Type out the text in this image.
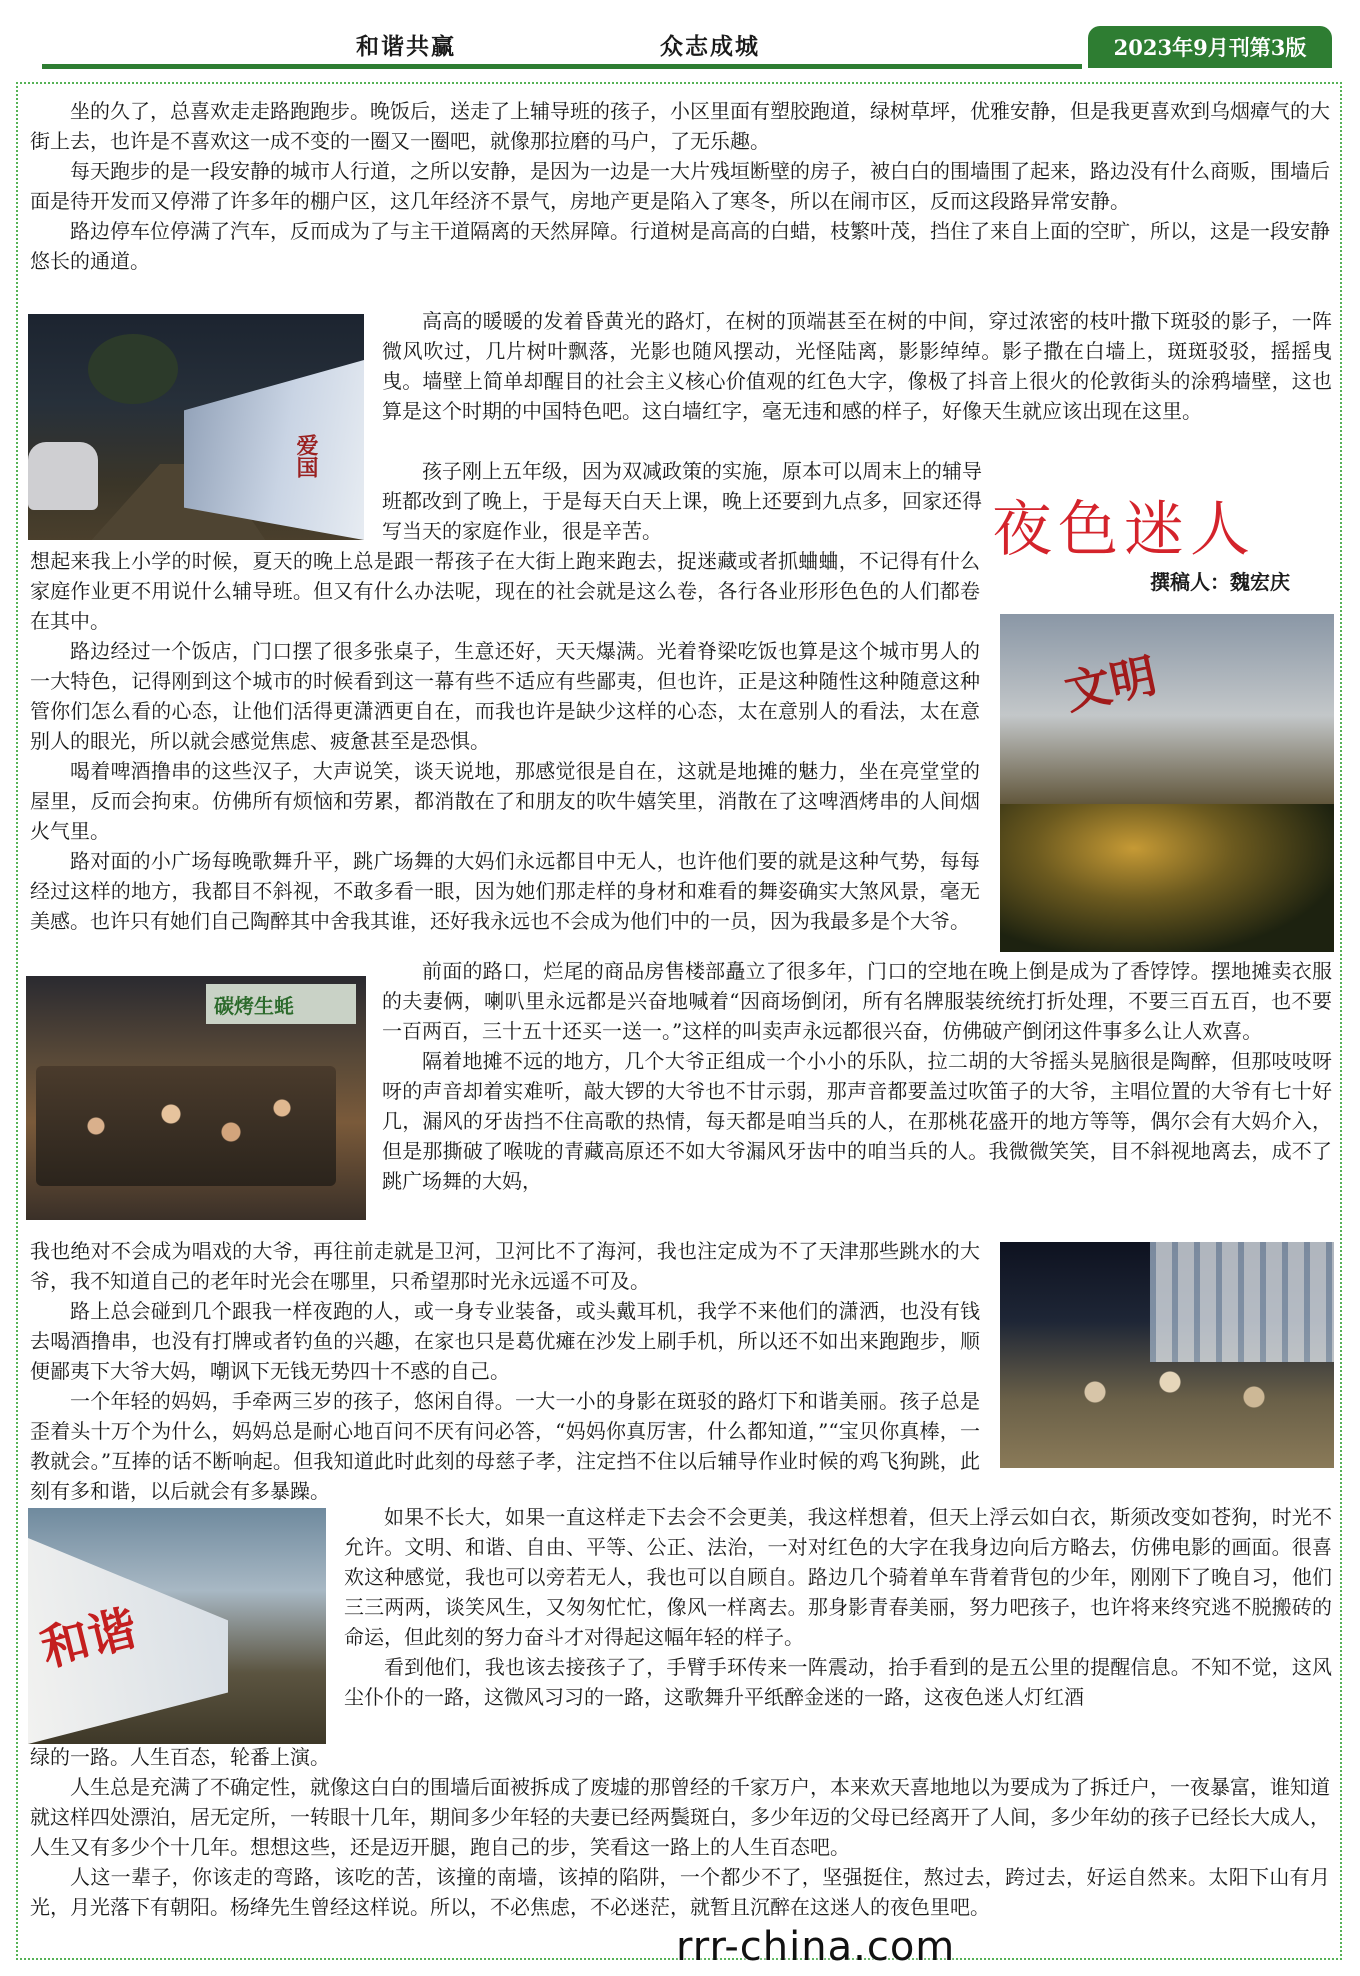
和谐共赢	众志成城	2023年9月刊第3版

坐的久了，总喜欢走走路跑跑步。晚饭后，送走了上辅导班的孩子，小区里面有塑胶跑道，绿树草坪，优雅安静，但是我更喜欢到乌烟瘴气的大街上去，也许是不喜欢这一成不变的一圈又一圈吧，就像那拉磨的马户，了无乐趣。

每天跑步的是一段安静的城市人行道，之所以安静，是因为一边是一大片残垣断壁的房子，被白白的围墙围了起来，路边没有什么商贩，围墙后面是待开发而又停滞了许多年的棚户区，这几年经济不景气，房地产更是陷入了寒冬，所以在闹市区，反而这段路异常安静。

路边停车位停满了汽车，反而成为了与主干道隔离的天然屏障。行道树是高高的白蜡，枝繁叶茂，挡住了来自上面的空旷，所以，这是一段安静悠长的通道。

爱国

高高的暖暖的发着昏黄光的路灯，在树的顶端甚至在树的中间，穿过浓密的枝叶撒下斑驳的影子，一阵微风吹过，几片树叶飘落，光影也随风摆动，光怪陆离，影影绰绰。影子撒在白墙上，斑斑驳驳，摇摇曳曳。墙壁上简单却醒目的社会主义核心价值观的红色大字，像极了抖音上很火的伦敦街头的涂鸦墙壁，这也算是这个时期的中国特色吧。这白墙红字，毫无违和感的样子，好像天生就应该出现在这里。

孩子刚上五年级，因为双减政策的实施，原本可以周末上的辅导班都改到了晚上，于是每天白天上课，晚上还要到九点多，回家还得写当天的家庭作业，很是辛苦。	夜色迷人
撰稿人：魏宏庆

想起来我上小学的时候，夏天的晚上总是跟一帮孩子在大街上跑来跑去，捉迷藏或者抓蛐蛐，不记得有什么家庭作业更不用说什么辅导班。但又有什么办法呢，现在的社会就是这么卷，各行各业形形色色的人们都卷在其中。

路边经过一个饭店，门口摆了很多张桌子，生意还好，天天爆满。光着脊梁吃饭也算是这个城市男人的一大特色，记得刚到这个城市的时候看到这一幕有些不适应有些鄙夷，但也许，正是这种随性这种随意这种管你们怎么看的心态，让他们活得更潇洒更自在，而我也许是缺少这样的心态，太在意别人的看法，太在意别人的眼光，所以就会感觉焦虑、疲惫甚至是恐惧。

喝着啤酒撸串的这些汉子，大声说笑，谈天说地，那感觉很是自在，这就是地摊的魅力，坐在亮堂堂的屋里，反而会拘束。仿佛所有烦恼和劳累，都消散在了和朋友的吹牛嬉笑里，消散在了这啤酒烤串的人间烟火气里。

路对面的小广场每晚歌舞升平，跳广场舞的大妈们永远都目中无人，也许他们要的就是这种气势，每每经过这样的地方，我都目不斜视，不敢多看一眼，因为她们那走样的身材和难看的舞姿确实大煞风景，毫无美感。也许只有她们自己陶醉其中舍我其谁，还好我永远也不会成为他们中的一员，因为我最多是个大爷。

文明
碳烤生蚝

前面的路口，烂尾的商品房售楼部矗立了很多年，门口的空地在晚上倒是成为了香饽饽。摆地摊卖衣服的夫妻俩，喇叭里永远都是兴奋地喊着“因商场倒闭，所有名牌服装统统打折处理，不要三百五百，也不要一百两百，三十五十还买一送一。”这样的叫卖声永远都很兴奋，仿佛破产倒闭这件事多么让人欢喜。

隔着地摊不远的地方，几个大爷正组成一个小小的乐队，拉二胡的大爷摇头晃脑很是陶醉，但那吱吱呀呀的声音却着实难听，敲大锣的大爷也不甘示弱，那声音都要盖过吹笛子的大爷，主唱位置的大爷有七十好几，漏风的牙齿挡不住高歌的热情，每天都是咱当兵的人，在那桃花盛开的地方等等，偶尔会有大妈介入，但是那撕破了喉咙的青藏高原还不如大爷漏风牙齿中的咱当兵的人。我微微笑笑，目不斜视地离去，成不了跳广场舞的大妈，

我也绝对不会成为唱戏的大爷，再往前走就是卫河，卫河比不了海河，我也注定成为不了天津那些跳水的大爷，我不知道自己的老年时光会在哪里，只希望那时光永远遥不可及。

路上总会碰到几个跟我一样夜跑的人，或一身专业装备，或头戴耳机，我学不来他们的潇洒，也没有钱去喝酒撸串，也没有打牌或者钓鱼的兴趣，在家也只是葛优瘫在沙发上刷手机，所以还不如出来跑跑步，顺便鄙夷下大爷大妈，嘲讽下无钱无势四十不惑的自己。

一个年轻的妈妈，手牵两三岁的孩子，悠闲自得。一大一小的身影在斑驳的路灯下和谐美丽。孩子总是歪着头十万个为什么，妈妈总是耐心地百问不厌有问必答，“妈妈你真厉害，什么都知道，”“宝贝你真棒，一教就会。”互捧的话不断响起。但我知道此时此刻的母慈子孝，注定挡不住以后辅导作业时候的鸡飞狗跳，此刻有多和谐，以后就会有多暴躁。

和谐

如果不长大，如果一直这样走下去会不会更美，我这样想着，但天上浮云如白衣，斯须改变如苍狗，时光不允许。文明、和谐、自由、平等、公正、法治，一对对红色的大字在我身边向后方略去，仿佛电影的画面。很喜欢这种感觉，我也可以旁若无人，我也可以自顾自。路边几个骑着单车背着背包的少年，刚刚下了晚自习，他们三三两两，谈笑风生，又匆匆忙忙，像风一样离去。那身影青春美丽，努力吧孩子，也许将来终究逃不脱搬砖的命运，但此刻的努力奋斗才对得起这幅年轻的样子。

看到他们，我也该去接孩子了，手臂手环传来一阵震动，抬手看到的是五公里的提醒信息。不知不觉，这风尘仆仆的一路，这微风习习的一路，这歌舞升平纸醉金迷的一路，这夜色迷人灯红酒

绿的一路。人生百态，轮番上演。

人生总是充满了不确定性，就像这白白的围墙后面被拆成了废墟的那曾经的千家万户，本来欢天喜地地以为要成为了拆迁户，一夜暴富，谁知道就这样四处漂泊，居无定所，一转眼十几年，期间多少年轻的夫妻已经两鬓斑白，多少年迈的父母已经离开了人间，多少年幼的孩子已经长大成人，人生又有多少个十几年。想想这些，还是迈开腿，跑自己的步，笑看这一路上的人生百态吧。

人这一辈子，你该走的弯路，该吃的苦，该撞的南墙，该掉的陷阱，一个都少不了，坚强挺住，熬过去，跨过去，好运自然来。太阳下山有月光，月光落下有朝阳。杨绛先生曾经这样说。所以，不必焦虑，不必迷茫，就暂且沉醉在这迷人的夜色里吧。

rrr-china.com
